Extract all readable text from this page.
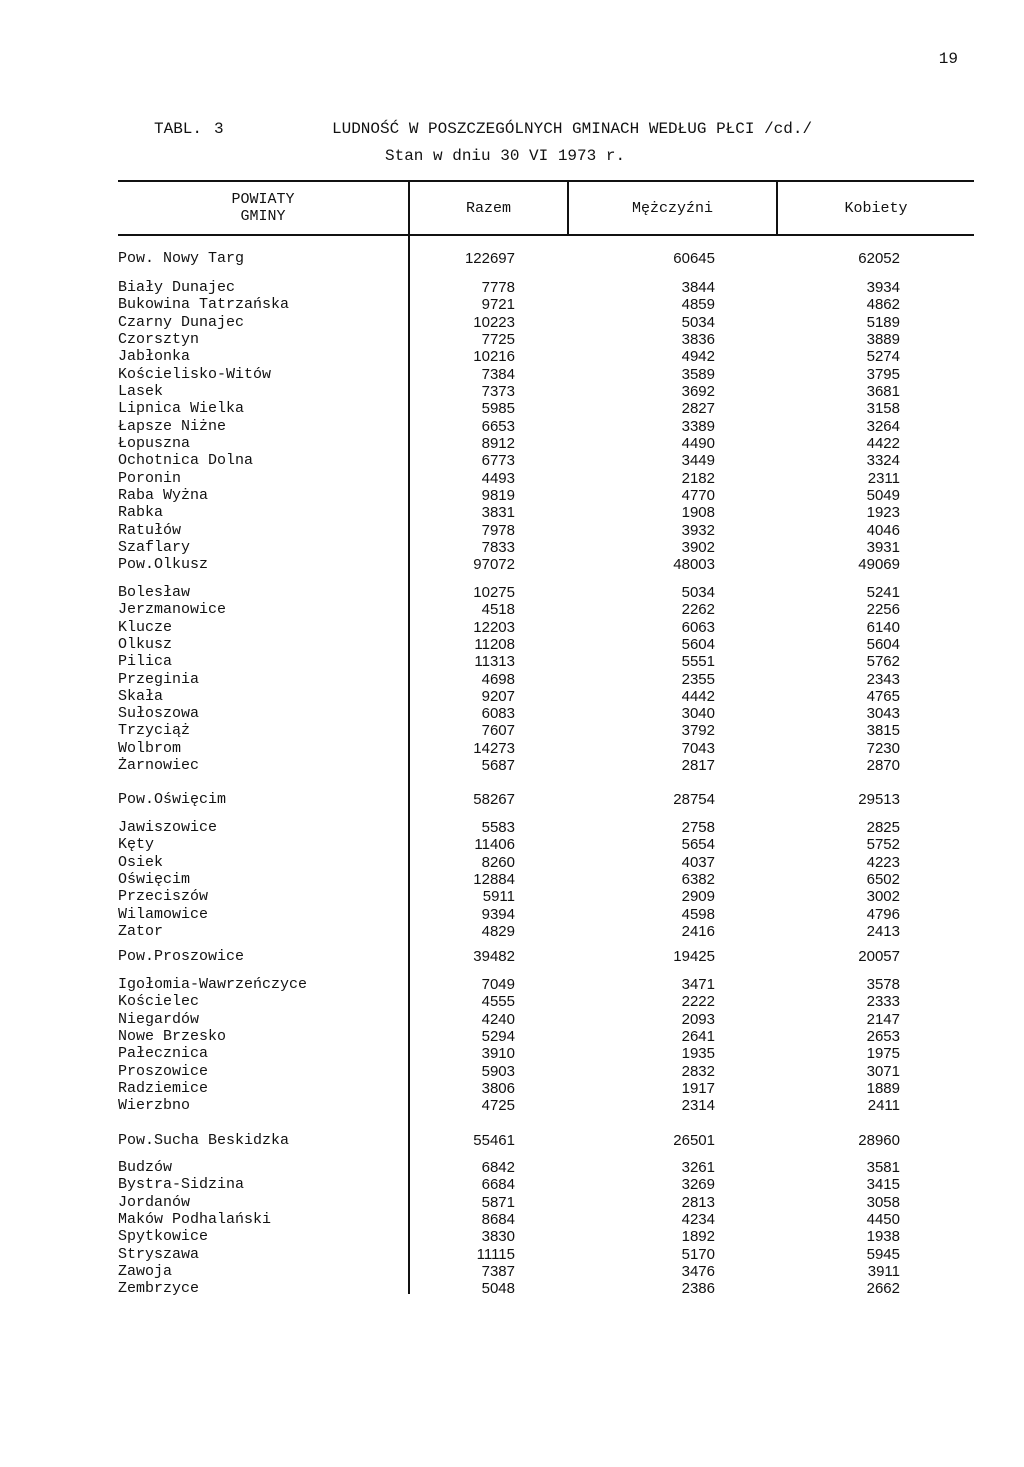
19
TABL. 3	LUDNOŚĆ W POSZCZEGÓLNYCH GMINACH WEDŁUG PŁCI /cd./
Stan w dniu 30 VI 1973 r.
POWIATY
GMINY	Razem	Mężczyźni	Kobiety
Pow. Nowy Targ	122697	60645	62052
Biały Dunajec	7778	3844	3934
Bukowina Tatrzańska	9721	4859	4862
Czarny Dunajec	10223	5034	5189
Czorsztyn	7725	3836	3889
Jabłonka	10216	4942	5274
Kościelisko-Witów	7384	3589	3795
Lasek	7373	3692	3681
Lipnica Wielka	5985	2827	3158
Łapsze Niżne	6653	3389	3264
Łopuszna	8912	4490	4422
Ochotnica Dolna	6773	3449	3324
Poronin	4493	2182	2311
Raba Wyżna	9819	4770	5049
Rabka	3831	1908	1923
Ratułów	7978	3932	4046
Szaflary	7833	3902	3931
Pow.Olkusz	97072	48003	49069
Bolesław	10275	5034	5241
Jerzmanowice	4518	2262	2256
Klucze	12203	6063	6140
Olkusz	11208	5604	5604
Pilica	11313	5551	5762
Przeginia	4698	2355	2343
Skała	9207	4442	4765
Sułoszowa	6083	3040	3043
Trzyciąż	7607	3792	3815
Wolbrom	14273	7043	7230
Żarnowiec	5687	2817	2870
Pow.Oświęcim	58267	28754	29513
Jawiszowice	5583	2758	2825
Kęty	11406	5654	5752
Osiek	8260	4037	4223
Oświęcim	12884	6382	6502
Przeciszów	5911	2909	3002
Wilamowice	9394	4598	4796
Zator	4829	2416	2413
Pow.Proszowice	39482	19425	20057
Igołomia-Wawrzeńczyce	7049	3471	3578
Kościelec	4555	2222	2333
Niegardów	4240	2093	2147
Nowe Brzesko	5294	2641	2653
Pałecznica	3910	1935	1975
Proszowice	5903	2832	3071
Radziemice	3806	1917	1889
Wierzbno	4725	2314	2411
Pow.Sucha Beskidzka	55461	26501	28960
Budzów	6842	3261	3581
Bystra-Sidzina	6684	3269	3415
Jordanów	5871	2813	3058
Maków Podhalański	8684	4234	4450
Spytkowice	3830	1892	1938
Stryszawa	11115	5170	5945
Zawoja	7387	3476	3911
Zembrzyce	5048	2386	2662
